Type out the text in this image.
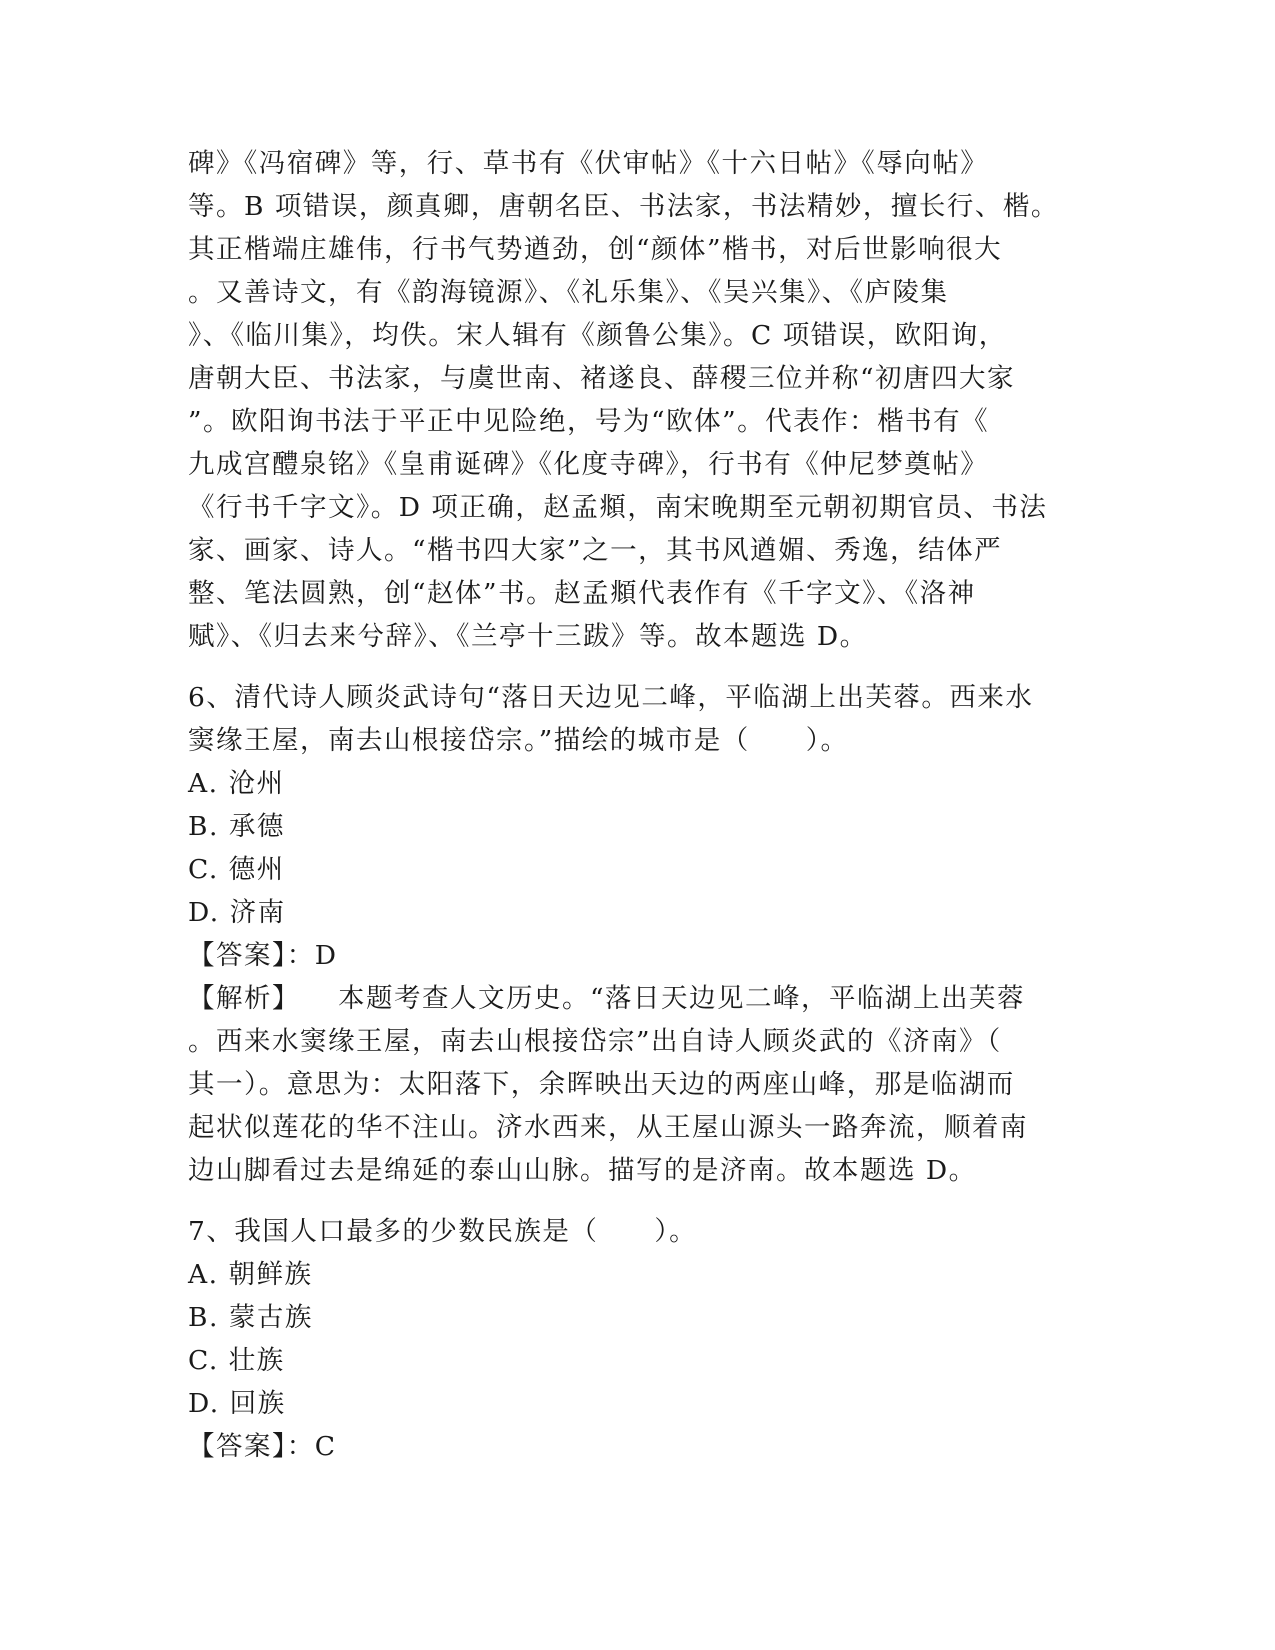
碑》《冯宿碑》等，行、草书有《伏审帖》《十六日帖》《辱向帖》
等。B 项错误，颜真卿，唐朝名臣、书法家，书法精妙，擅长行、楷。
其正楷端庄雄伟，行书气势遒劲，创“颜体”楷书，对后世影响很大
。又善诗文，有《韵海镜源》、《礼乐集》、《吴兴集》、《庐陵集
》、《临川集》，均佚。宋人辑有《颜鲁公集》。C 项错误，欧阳询，
唐朝大臣、书法家，与虞世南、褚遂良、薛稷三位并称“初唐四大家
”。欧阳询书法于平正中见险绝，号为“欧体”。代表作：楷书有《
九成宫醴泉铭》《皇甫诞碑》《化度寺碑》，行书有《仲尼梦奠帖》
《行书千字文》。D 项正确，赵孟頫，南宋晚期至元朝初期官员、书法
家、画家、诗人。“楷书四大家”之一，其书风遒媚、秀逸，结体严
整、笔法圆熟，创“赵体”书。赵孟頫代表作有《千字文》、《洛神
赋》、《归去来兮辞》、《兰亭十三跋》等。故本题选 D。
6、清代诗人顾炎武诗句“落日天边见二峰，平临湖上出芙蓉。西来水
窦缘王屋，南去山根接岱宗。”描绘的城市是（　　）。
A. 沧州
B. 承德
C. 德州
D. 济南
【答案】：D
【解析】 本题考查人文历史。“落日天边见二峰，平临湖上出芙蓉
。西来水窦缘王屋，南去山根接岱宗”出自诗人顾炎武的《济南》（
其一）。意思为：太阳落下，余晖映出天边的两座山峰，那是临湖而
起状似莲花的华不注山。济水西来，从王屋山源头一路奔流，顺着南
边山脚看过去是绵延的泰山山脉。描写的是济南。故本题选 D。
7、我国人口最多的少数民族是（　　）。
A. 朝鲜族
B. 蒙古族
C. 壮族
D. 回族
【答案】：C
